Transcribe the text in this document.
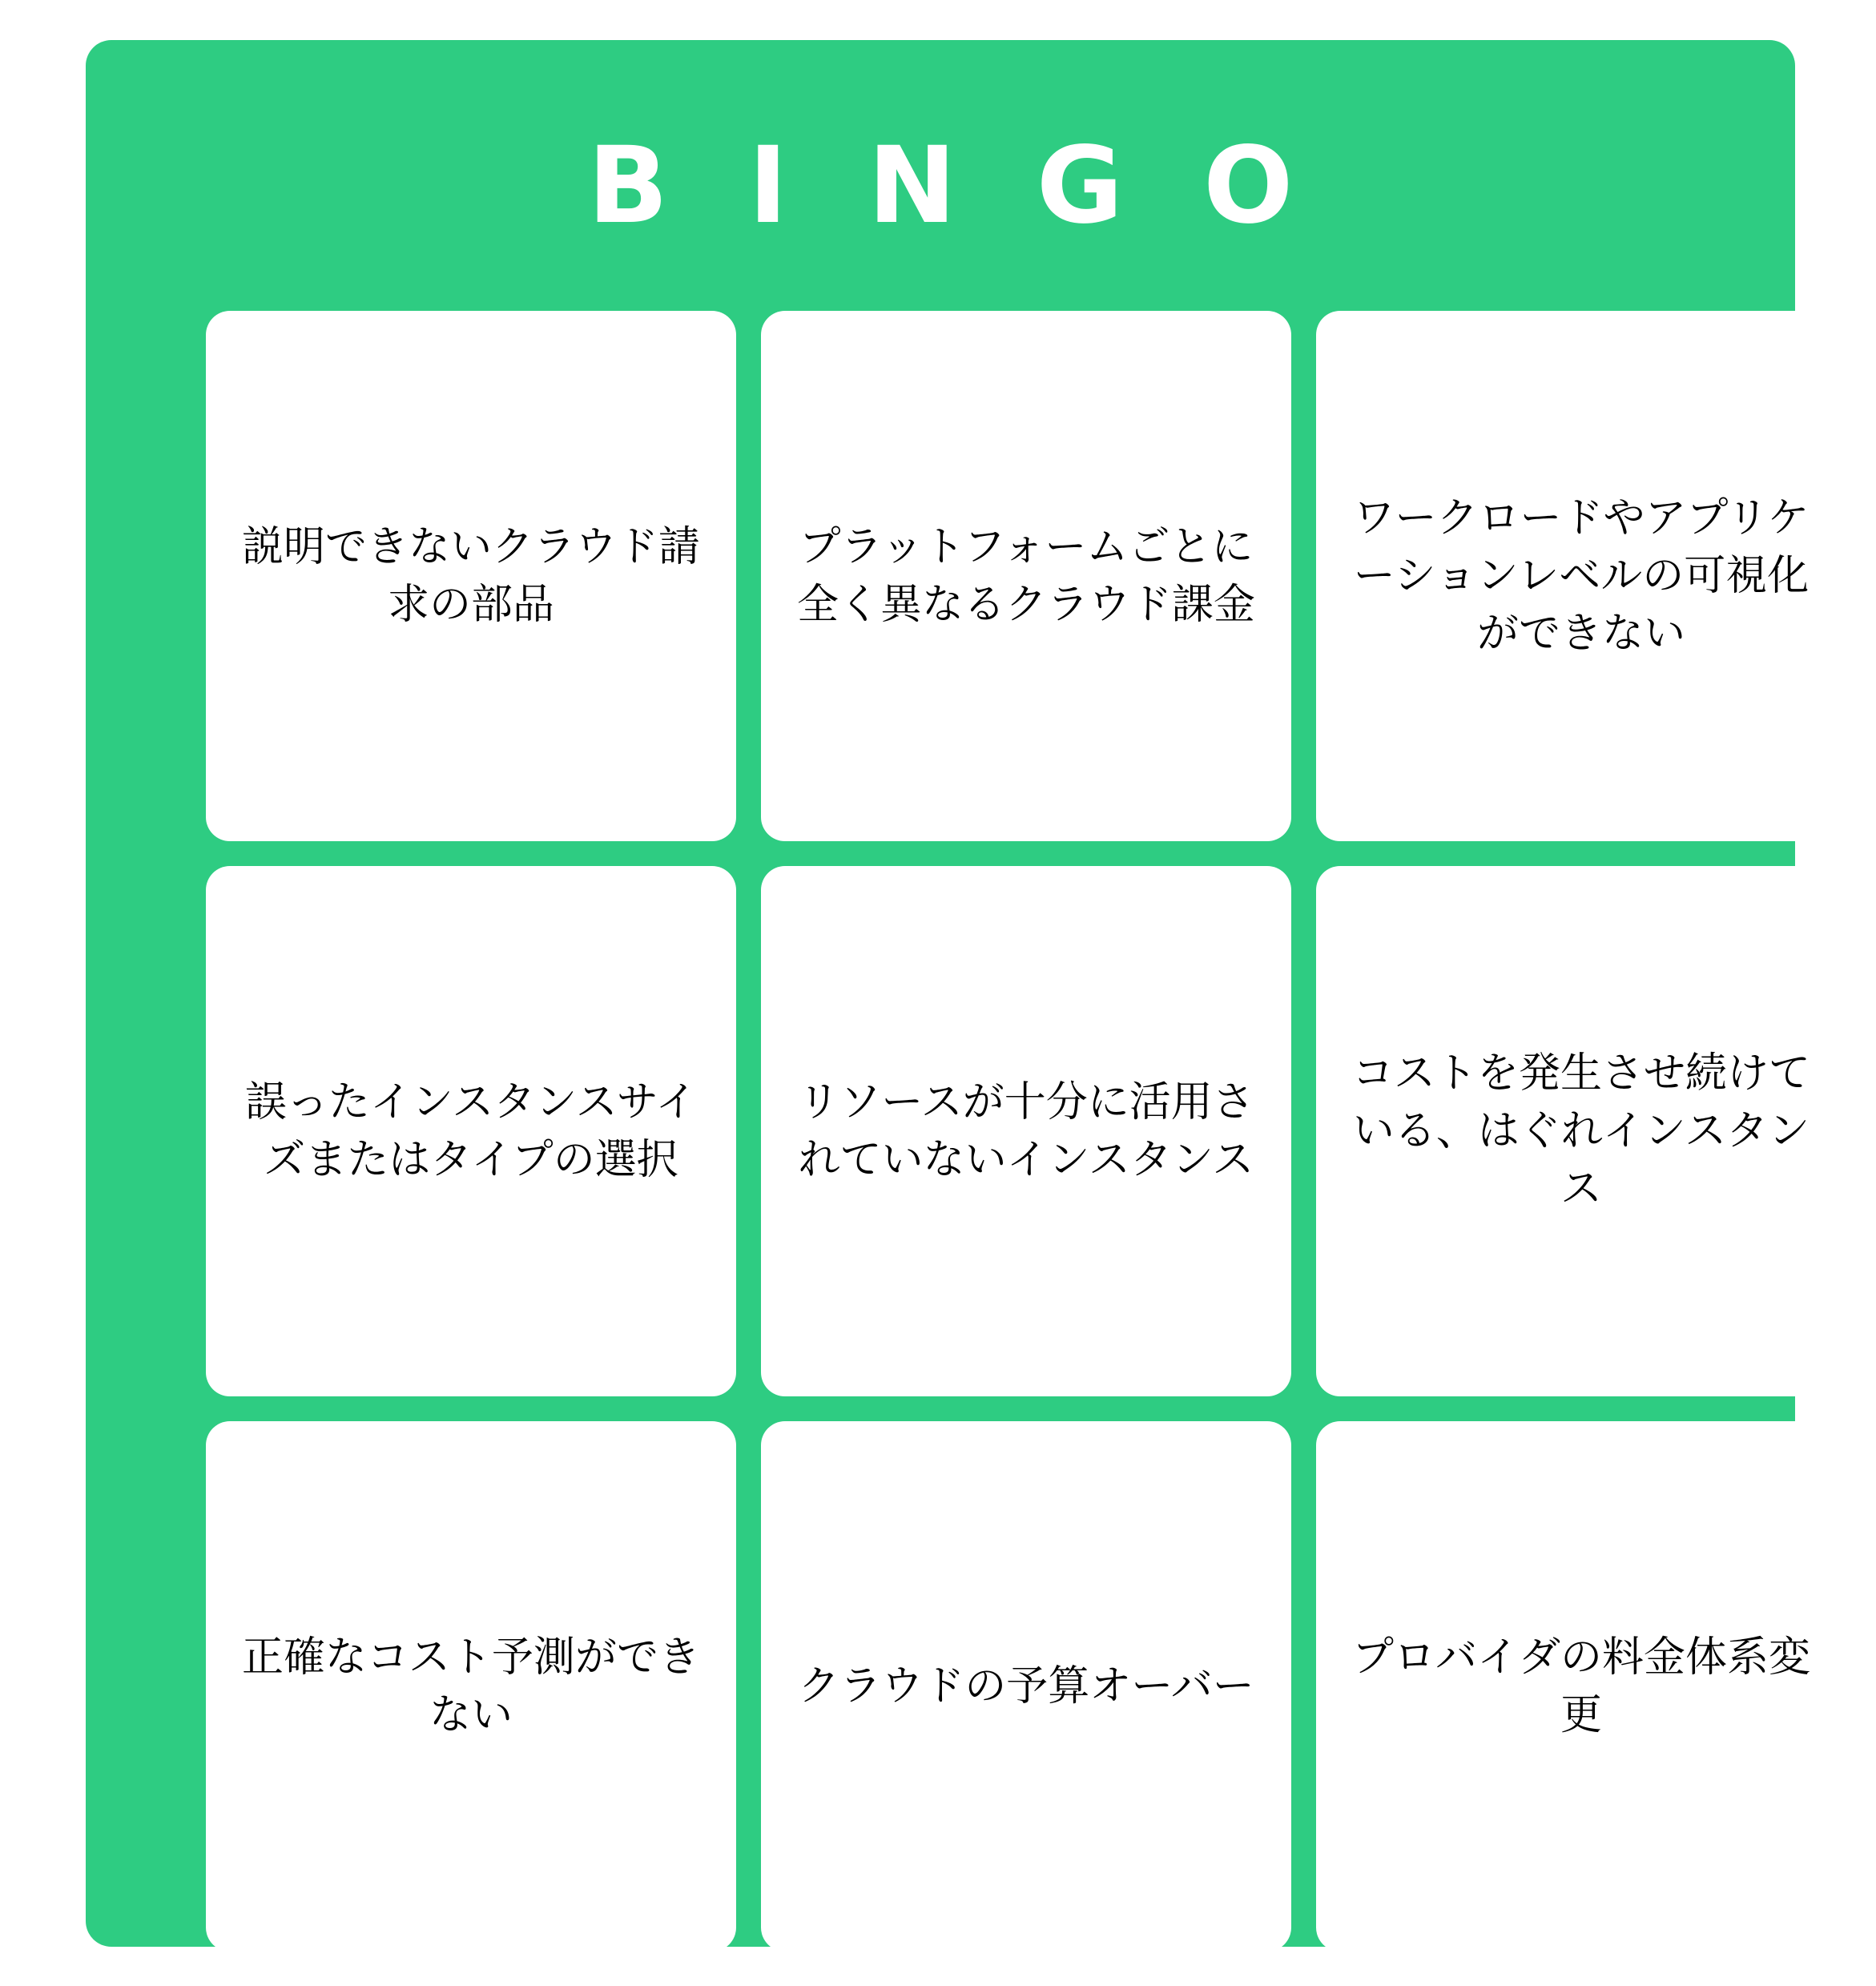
BINGO
説明できないクラウド請求の部品
プラットフォームごとに全く異なるクラウド課金
ワークロードやアプリケーションレベルの可視化ができない
誤ったインスタンスサイズまたはタイプの選択
リソースが十分に活用されていないインスタンス
コストを発生させ続けている、はぐれインスタンス
正確なコスト予測ができない
クラウドの予算オーバー
プロバイダの料金体系変更
